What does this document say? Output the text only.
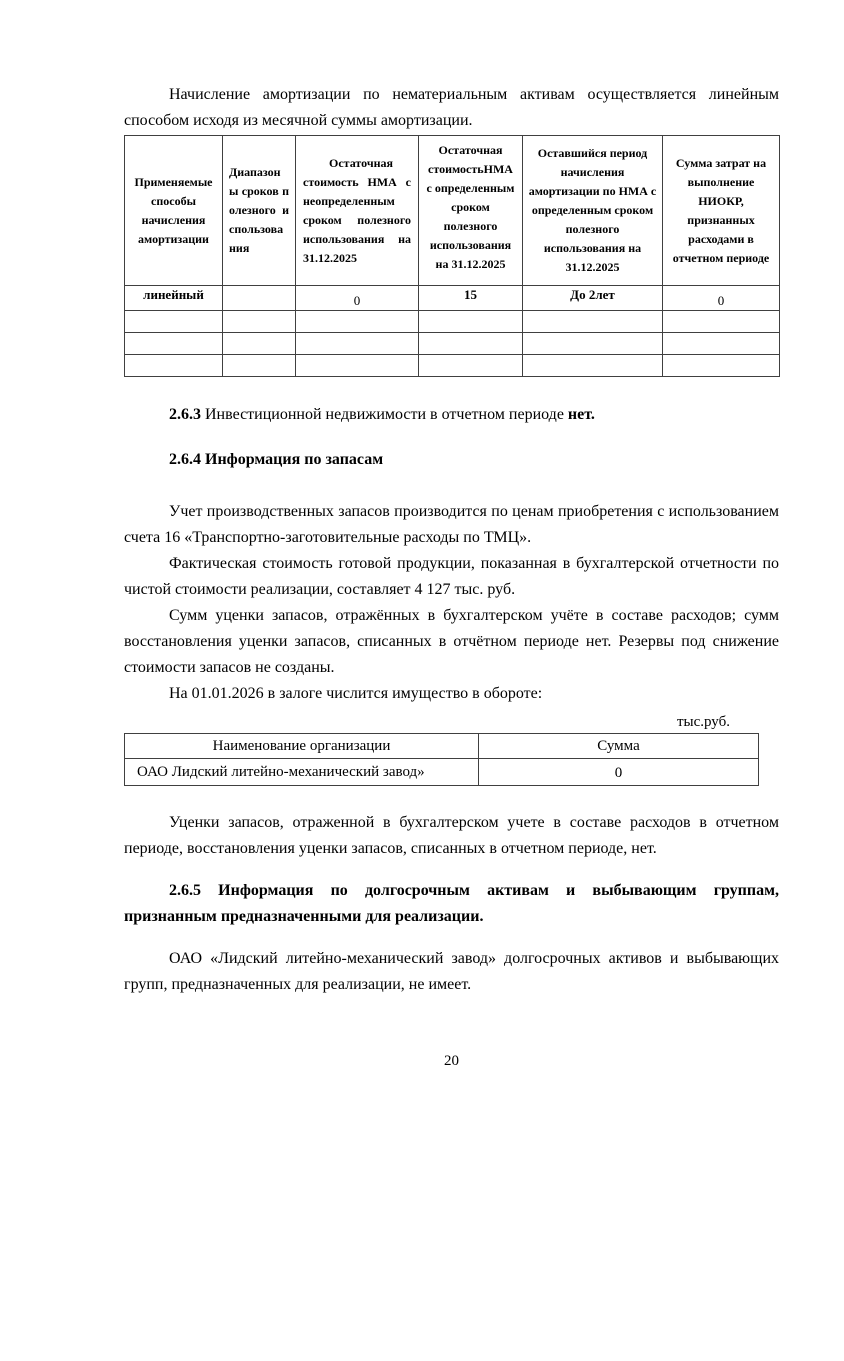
Начисление амортизации по нематериальным активам осуществляется линейным способом исходя из месячной суммы амортизации.

Применяемые способы начисления амортизации	Диапазоны сроков полезного использования	Остаточная стоимость НМА с неопределенным сроком полезного использования на 31.12.2025	Остаточная стоимостьНМА с определенным сроком полезного использования на 31.12.2025	Оставшийся период начисления амортизации по НМА с определенным сроком полезного использования на 31.12.2025	Сумма затрат на выполнение НИОКР, признанных расходами в отчетном периоде
линейный		0	15	До 2лет	0

2.6.3 Инвестиционной недвижимости в отчетном периоде нет.

2.6.4 Информация по запасам

Учет производственных запасов производится по ценам приобретения с использованием счета 16 «Транспортно-заготовительные расходы по ТМЦ».

Фактическая стоимость готовой продукции, показанная в бухгалтерской отчетности по чистой стоимости реализации, составляет 4 127 тыс. руб.

Сумм уценки запасов, отражённых в бухгалтерском учёте в составе расходов; сумм восстановления уценки запасов, списанных в отчётном периоде нет. Резервы под снижение стоимости запасов не созданы.

На 01.01.2026 в залоге числится имущество в обороте:

тыс.руб.
Наименование организации	Сумма
ОАО Лидский литейно-механический завод»	0

Уценки запасов, отраженной в бухгалтерском учете в составе расходов в отчетном периоде, восстановления уценки запасов, списанных в отчетном периоде, нет.

2.6.5 Информация по долгосрочным активам и выбывающим группам, признанным предназначенными для реализации.

ОАО «Лидский литейно-механический завод» долгосрочных активов и выбывающих групп, предназначенных для реализации, не имеет.

20
